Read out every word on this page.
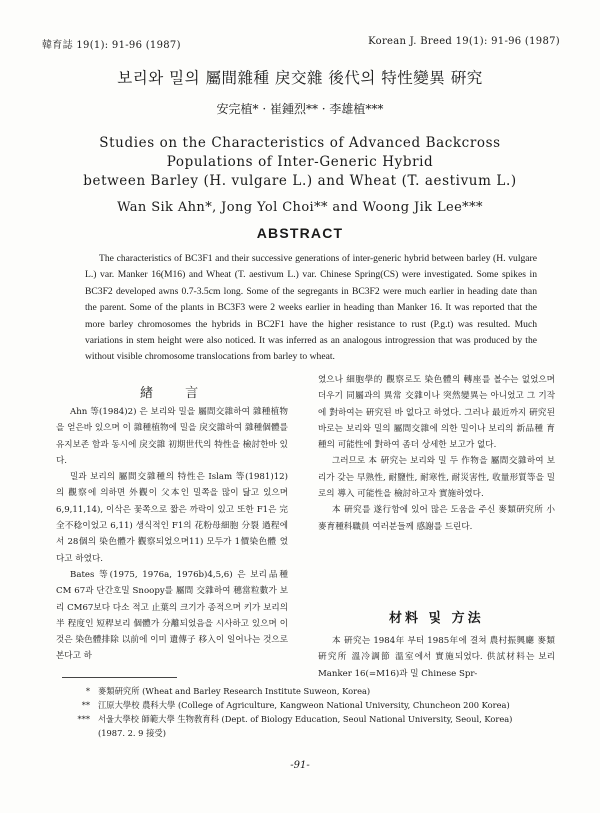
韓育誌 19(1): 91-96 (1987)	Korean J. Breed 19(1): 91-96 (1987)
보리와 밀의 屬間雜種 戾交雜 後代의 特性變異 硏究
安完植* · 崔鍾烈** · 李雄植***
Studies on the Characteristics of Advanced Backcross
Populations of Inter-Generic Hybrid
between Barley (H. vulgare L.) and Wheat (T. aestivum L.)
Wan Sik Ahn*, Jong Yol Choi** and Woong Jik Lee***
ABSTRACT

The characteristics of BC3F1 and their successive generations of inter-generic hybrid between barley (H. vulgare L.) var. Manker 16(M16) and Wheat (T. aestivum L.) var. Chinese Spring(CS) were investigated. Some spikes in BC3F2 developed awns 0.7-3.5cm long. Some of the segregants in BC3F2 were much earlier in heading date than the parent. Some of the plants in BC3F3 were 2 weeks earlier in heading than Manker 16. It was reported that the more barley chromosomes the hybrids in BC2F1 have the higher resistance to rust (P.g.t) was resulted. Much variations in stem height were also noticed. It was inferred as an analogous introgression that was produced by the without visible chromosome translocations from barley to wheat.

緖 言

Ahn 等(1984)2) 은 보리와 밀을 屬間交雜하여 雜種植物을 얻은바 있으며 이 雜種植物에 밀을 戾交雜하여 雜種個體를 유지보존 함과 동시에 戾交雜 初期世代의 特性을 檢討한바 있다.

밀과 보리의 屬間交雜種의 特性은 Islam 等(1981)12) 의 觀察에 의하면 外觀이 父本인 밀쪽을 많이 닮고 있으며 6,9,11,14), 이삭은 꽃쪽으로 짧은 까락이 있고 또한 F1은 完全不稔이었고 6,11) 생식적인 F1의 花粉母細胞 分裂 過程에서 28個의 染色體가 觀察되었으며11) 모두가 1價染色體 였다고 하였다.

Bates 等(1975, 1976a, 1976b)4,5,6) 은 보리品種 CM 67과 단간호밀 Snoopy를 屬間 交雜하여 穗當粒數가 보리 CM67보다 다소 적고 止葉의 크기가 종적으며 키가 보리의 半 程度인 短稈보리 個體가 分離되었음을 시사하고 있으며 이것은 染色體排除 以前에 이미 遺傳子 移入이 일어나는 것으로 본다고 하

였으나 細胞學的 觀察로도 染色體의 轉座를 볼수는 없었으며 더우기 同屬과의 異常 交雜이나 突然變異는 아니었고 그 기작에 對하여는 硏究된 바 없다고 하였다. 그러나 最近까지 硏究된 바로는 보리와 밀의 屬間交雜에 의한 밀이나 보리의 新品種 育種의 可能性에 對하여 좀더 상세한 보고가 없다.

그러므로 本 硏究는 보리와 밀 두 作物을 屬間交雜하여 보리가 갖는 早熟性, 耐鹽性, 耐寒性, 耐災害性, 收量形質等을 밀로의 導入 可能性을 檢討하고자 實施하였다.

本 硏究를 遂行함에 있어 많은 도움을 주신 麥類硏究所 小麥育種科職員 여러분들께 感謝를 드린다.

材料 및 方法

本 硏究는 1984年 부터 1985年에 결쳐 農村振興廳 麥類硏究所 溫冷調節 溫室에서 實施되었다. 供試材料는 보리 Manker 16(=M16)과 밀 Chinese Spr-

* 麥類硏究所 (Wheat and Barley Research Institute Suweon, Korea)
** 江原大學校 農科大學 (College of Agriculture, Kangweon National University, Chuncheon 200 Korea)
*** 서울大學校 師範大學 生物敎育科 (Dept. of Biology Education, Seoul National University, Seoul, Korea)
(1987. 2. 9 接受)
-91-
